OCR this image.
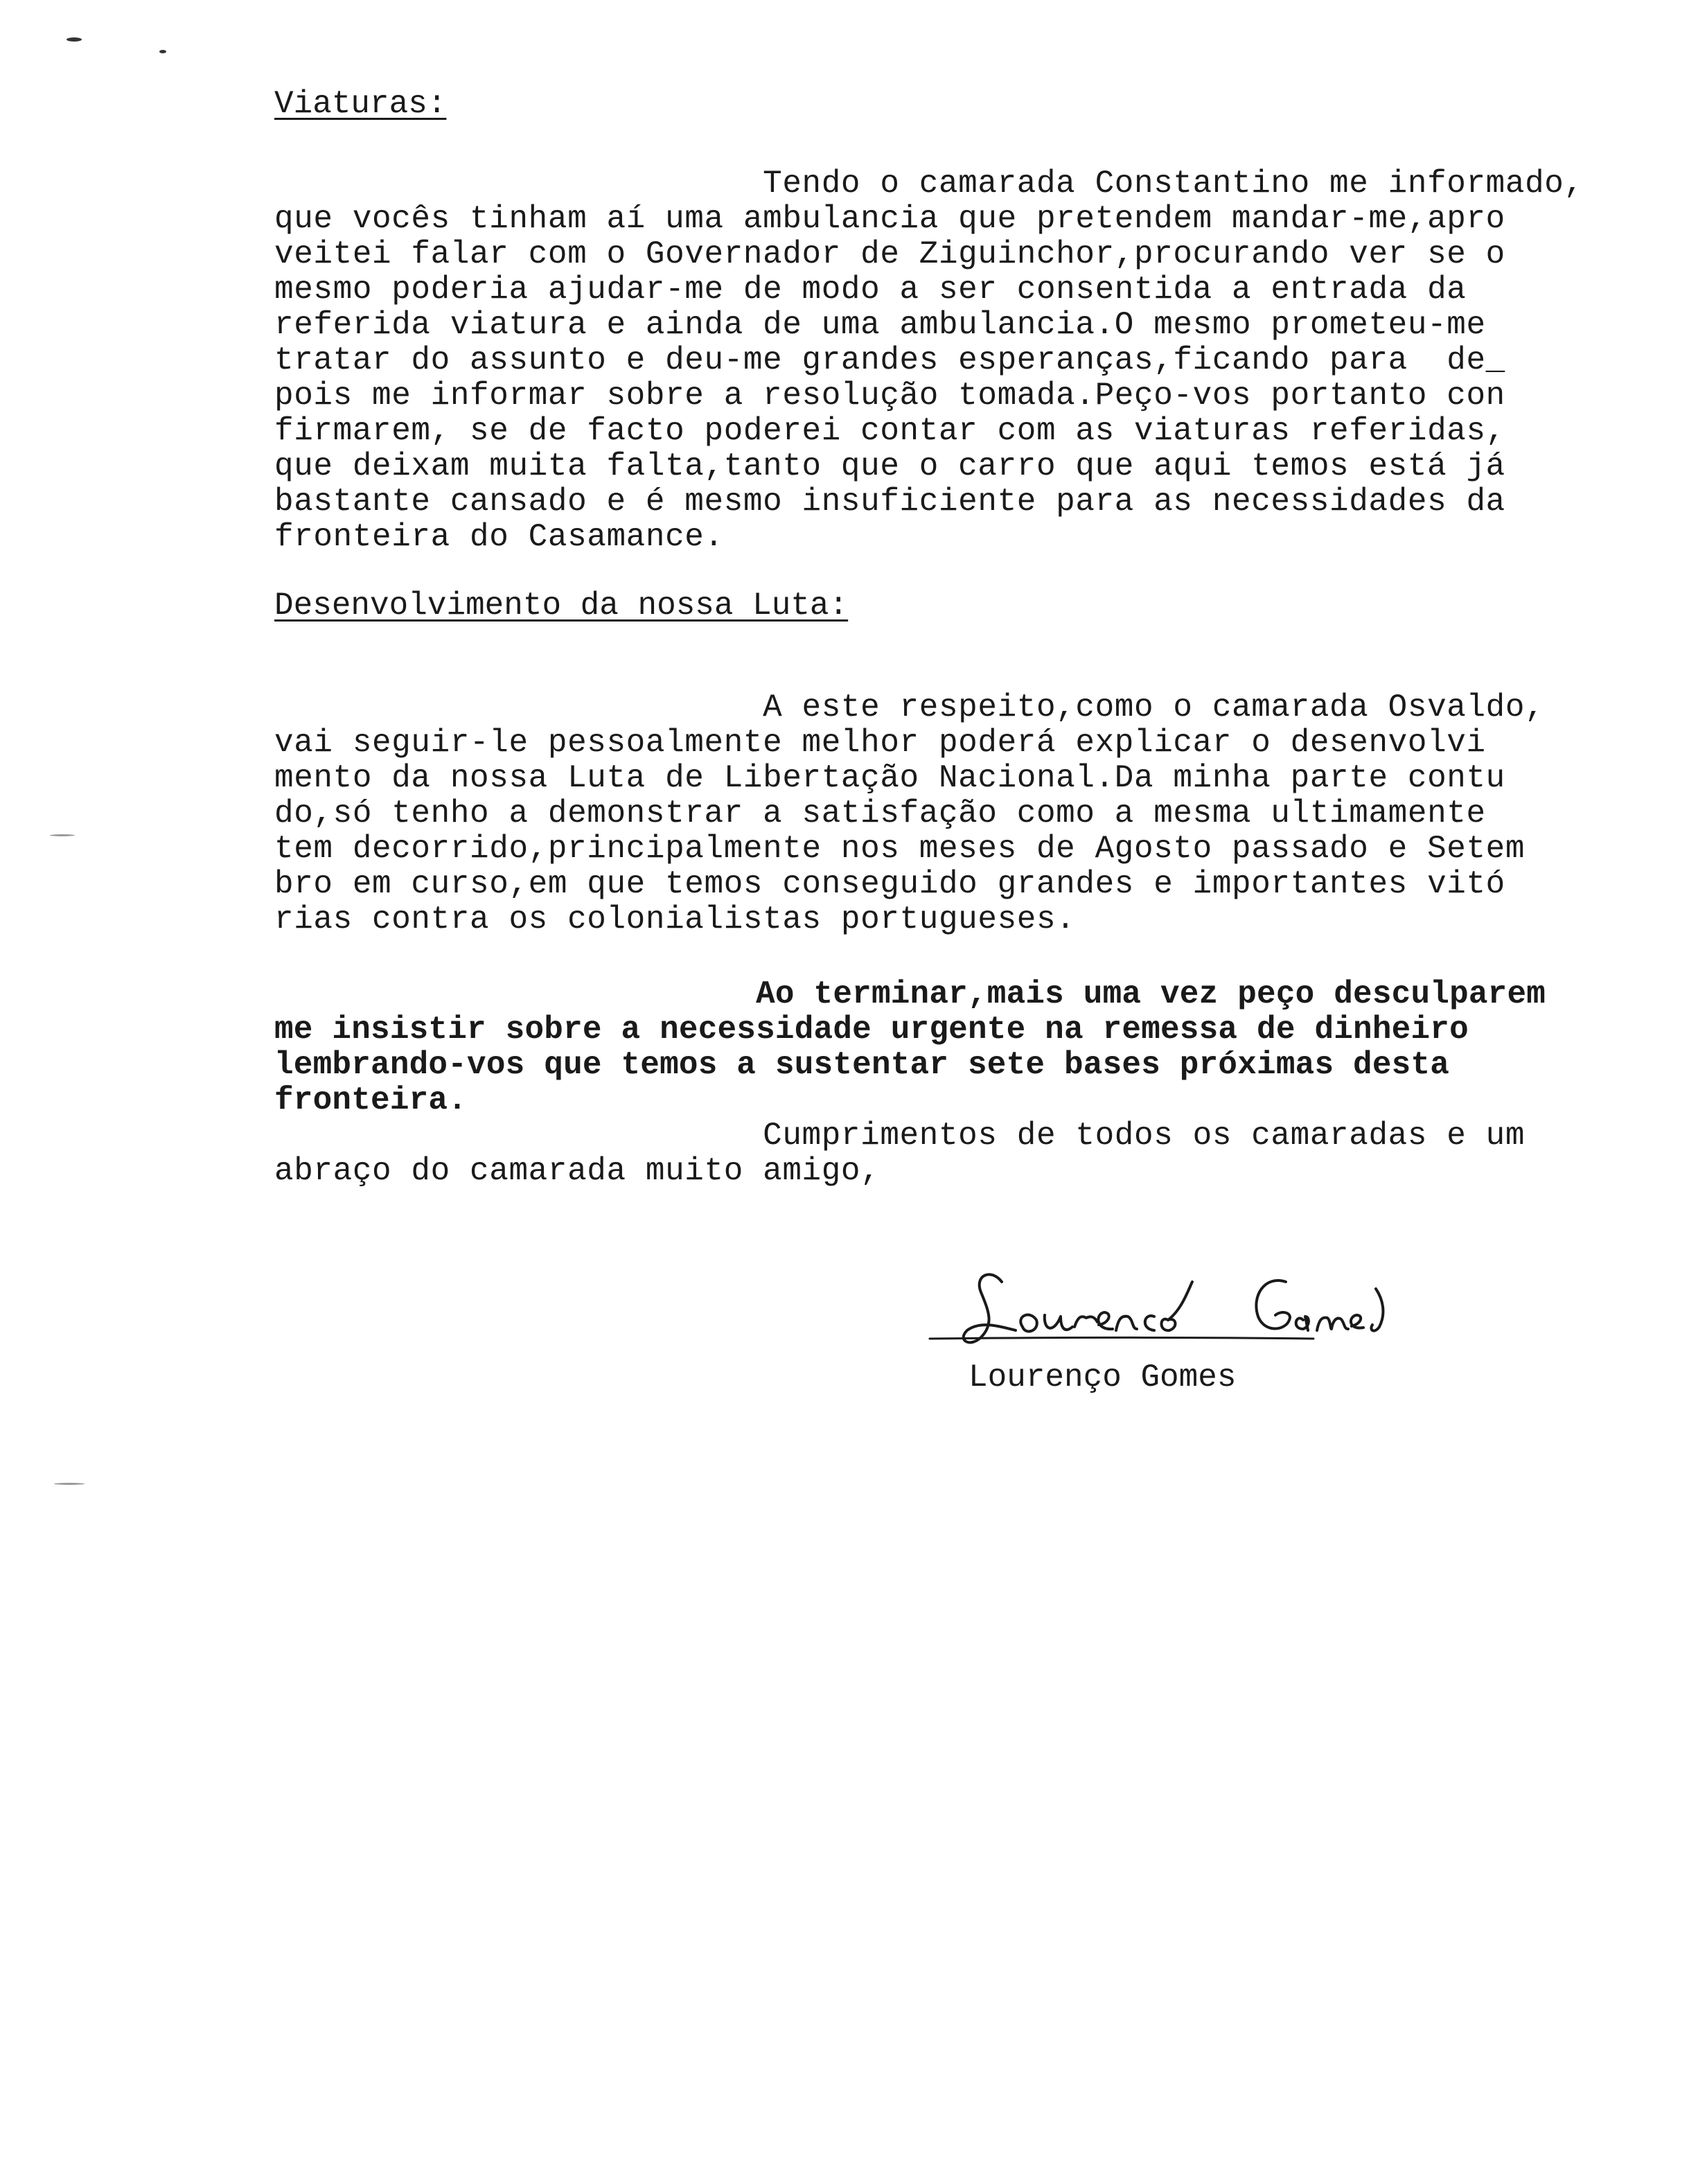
Viaturas:

Tendo o camarada Constantino me informado,
que vocês tinham aí uma ambulancia que pretendem mandar-me,apro
veitei falar com o Governador de Ziguinchor,procurando ver se o
mesmo poderia ajudar-me de modo a ser consentida a entrada da
referida viatura e ainda de uma ambulancia.O mesmo prometeu-me
tratar do assunto e deu-me grandes esperanças,ficando para  de_
pois me informar sobre a resolução tomada.Peço-vos portanto con
firmarem, se de facto poderei contar com as viaturas referidas,
que deixam muita falta,tanto que o carro que aqui temos está já
bastante cansado e é mesmo insuficiente para as necessidades da
fronteira do Casamance.

Desenvolvimento da nossa Luta:

A este respeito,como o camarada Osvaldo,
vai seguir-le pessoalmente melhor poderá explicar o desenvolvi
mento da nossa Luta de Libertação Nacional.Da minha parte contu
do,só tenho a demonstrar a satisfação como a mesma ultimamente
tem decorrido,principalmente nos meses de Agosto passado e Setem
bro em curso,em que temos conseguido grandes e importantes vitó
rias contra os colonialistas portugueses.

Ao terminar,mais uma vez peço desculparem
me insistir sobre a necessidade urgente na remessa de dinheiro
lembrando-vos que temos a sustentar sete bases próximas desta
fronteira.

Cumprimentos de todos os camaradas e um
abraço do camarada muito amigo,

Lourenço Gomes
